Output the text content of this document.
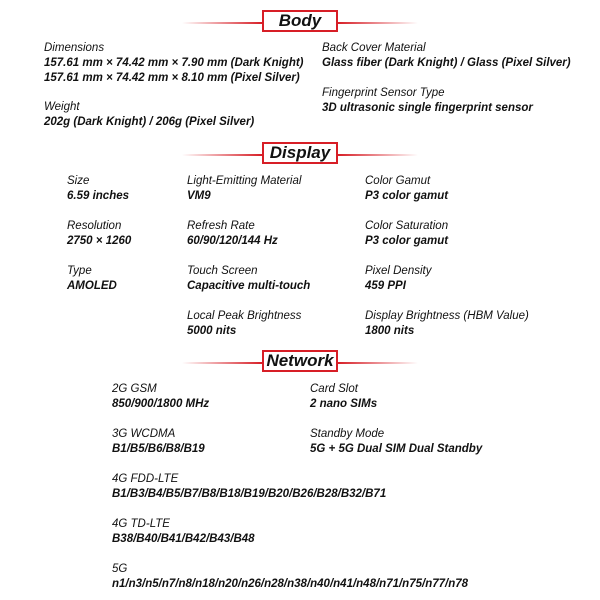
Body
Dimensions
157.61 mm × 74.42 mm × 7.90 mm (Dark Knight)
157.61 mm × 74.42 mm × 8.10 mm (Pixel Silver)
Weight
202g (Dark Knight) / 206g (Pixel Silver)
Back Cover Material
Glass fiber (Dark Knight) / Glass (Pixel Silver)
Fingerprint Sensor Type
3D ultrasonic single fingerprint sensor
Display
Size
6.59 inches
Resolution
2750 × 1260
Type
AMOLED
Light-Emitting Material
VM9
Refresh Rate
60/90/120/144 Hz
Touch Screen
Capacitive multi-touch
Local Peak Brightness
5000 nits
Color Gamut
P3 color gamut
Color Saturation
P3 color gamut
Pixel Density
459 PPI
Display Brightness (HBM Value)
1800 nits
Network
2G GSM
850/900/1800 MHz
3G WCDMA
B1/B5/B6/B8/B19
4G FDD-LTE
B1/B3/B4/B5/B7/B8/B18/B19/B20/B26/B28/B32/B71
4G TD-LTE
B38/B40/B41/B42/B43/B48
5G
n1/n3/n5/n7/n8/n18/n20/n26/n28/n38/n40/n41/n48/n71/n75/n77/n78
Card Slot
2 nano SIMs
Standby Mode
5G + 5G Dual SIM Dual Standby
